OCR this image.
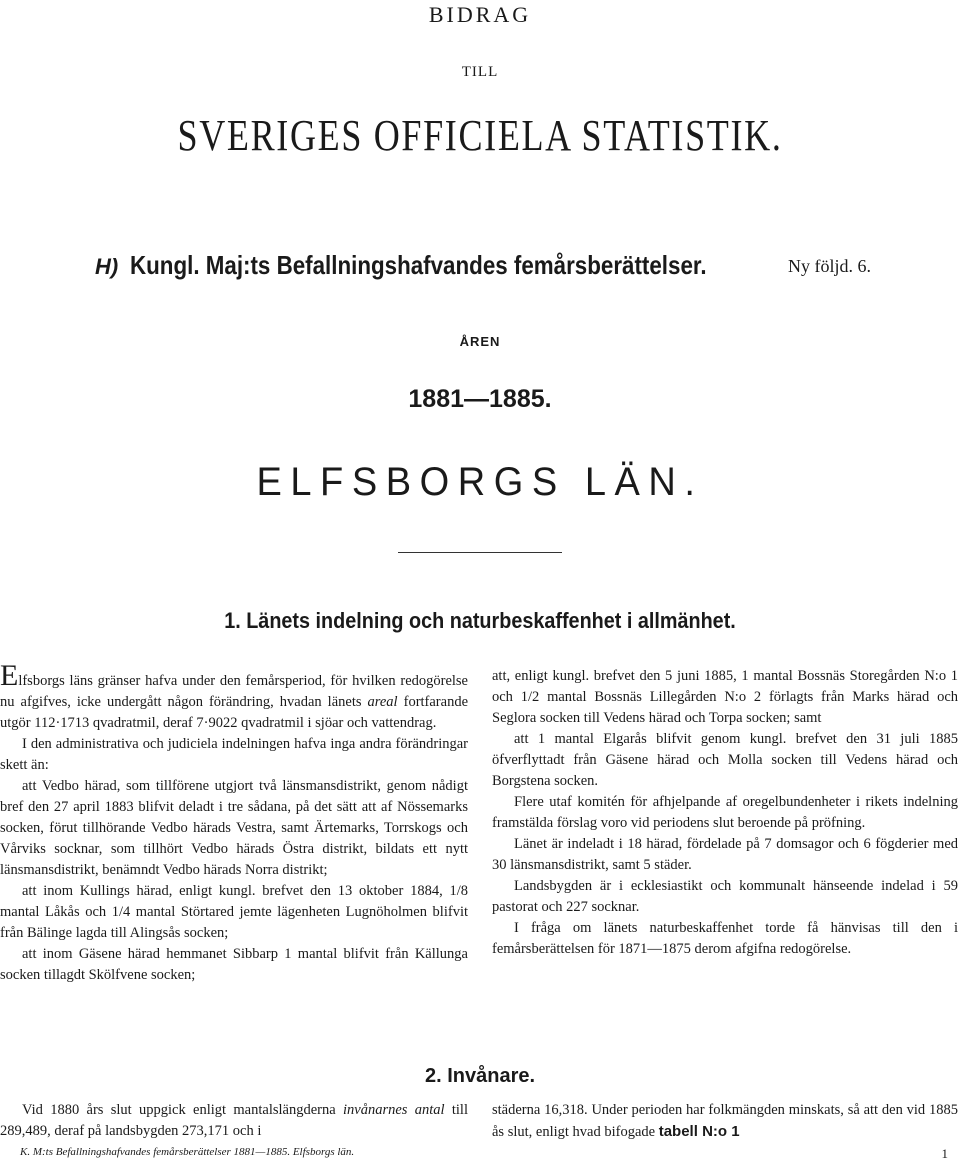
BIDRAG
TILL
SVERIGES OFFICIELA STATISTIK.
H) Kungl. Maj:ts Befallningshafvandes femårsberättelser.	Ny följd. 6.
ÅREN
1881—1885.
ELFSBORGS LÄN.
1. Länets indelning och naturbeskaffenhet i allmänhet.

Elfsborgs läns gränser hafva under den femårsperiod, för hvilken redogörelse nu afgifves, icke undergått någon förändring, hvadan länets areal fortfarande utgör 112·1713 qvadratmil, deraf 7·9022 qvadratmil i sjöar och vattendrag.

I den administrativa och judiciela indelningen hafva inga andra förändringar skett än:

att Vedbo härad, som tillförene utgjort två länsmansdistrikt, genom nådigt bref den 27 april 1883 blifvit deladt i tre sådana, på det sätt att af Nössemarks socken, förut tillhörande Vedbo härads Vestra, samt Ärtemarks, Torrskogs och Vårviks socknar, som tillhört Vedbo härads Östra distrikt, bildats ett nytt länsmansdistrikt, benämndt Vedbo härads Norra distrikt;

att inom Kullings härad, enligt kungl. brefvet den 13 oktober 1884, 1/8 mantal Låkås och 1/4 mantal Störtared jemte lägenheten Lugnöholmen blifvit från Bälinge lagda till Alingsås socken;

att inom Gäsene härad hemmanet Sibbarp 1 mantal blifvit från Källunga socken tillagdt Skölfvene socken;

att, enligt kungl. brefvet den 5 juni 1885, 1 mantal Bossnäs Storegården N:o 1 och 1/2 mantal Bossnäs Lillegården N:o 2 förlagts från Marks härad och Seglora socken till Vedens härad och Torpa socken; samt

att 1 mantal Elgarås blifvit genom kungl. brefvet den 31 juli 1885 öfverflyttadt från Gäsene härad och Molla socken till Vedens härad och Borgstena socken.

Flere utaf komitén för afhjelpande af oregelbundenheter i rikets indelning framstälda förslag voro vid periodens slut beroende på pröfning.

Länet är indeladt i 18 härad, fördelade på 7 domsagor och 6 fögderier med 30 länsmansdistrikt, samt 5 städer.

Landsbygden är i ecklesiastikt och kommunalt hänseende indelad i 59 pastorat och 227 socknar.

I fråga om länets naturbeskaffenhet torde få hänvisas till den i femårsberättelsen för 1871—1875 derom afgifna redogörelse.

2. Invånare.

Vid 1880 års slut uppgick enligt mantalslängderna invånarnes antal till 289,489, deraf på landsbygden 273,171 och i

städerna 16,318. Under perioden har folkmängden minskats, så att den vid 1885 ås slut, enligt hvad bifogade tabell N:o 1

K. M:ts Befallningshafvandes femårsberättelser 1881—1885. Elfsborgs län.	1
